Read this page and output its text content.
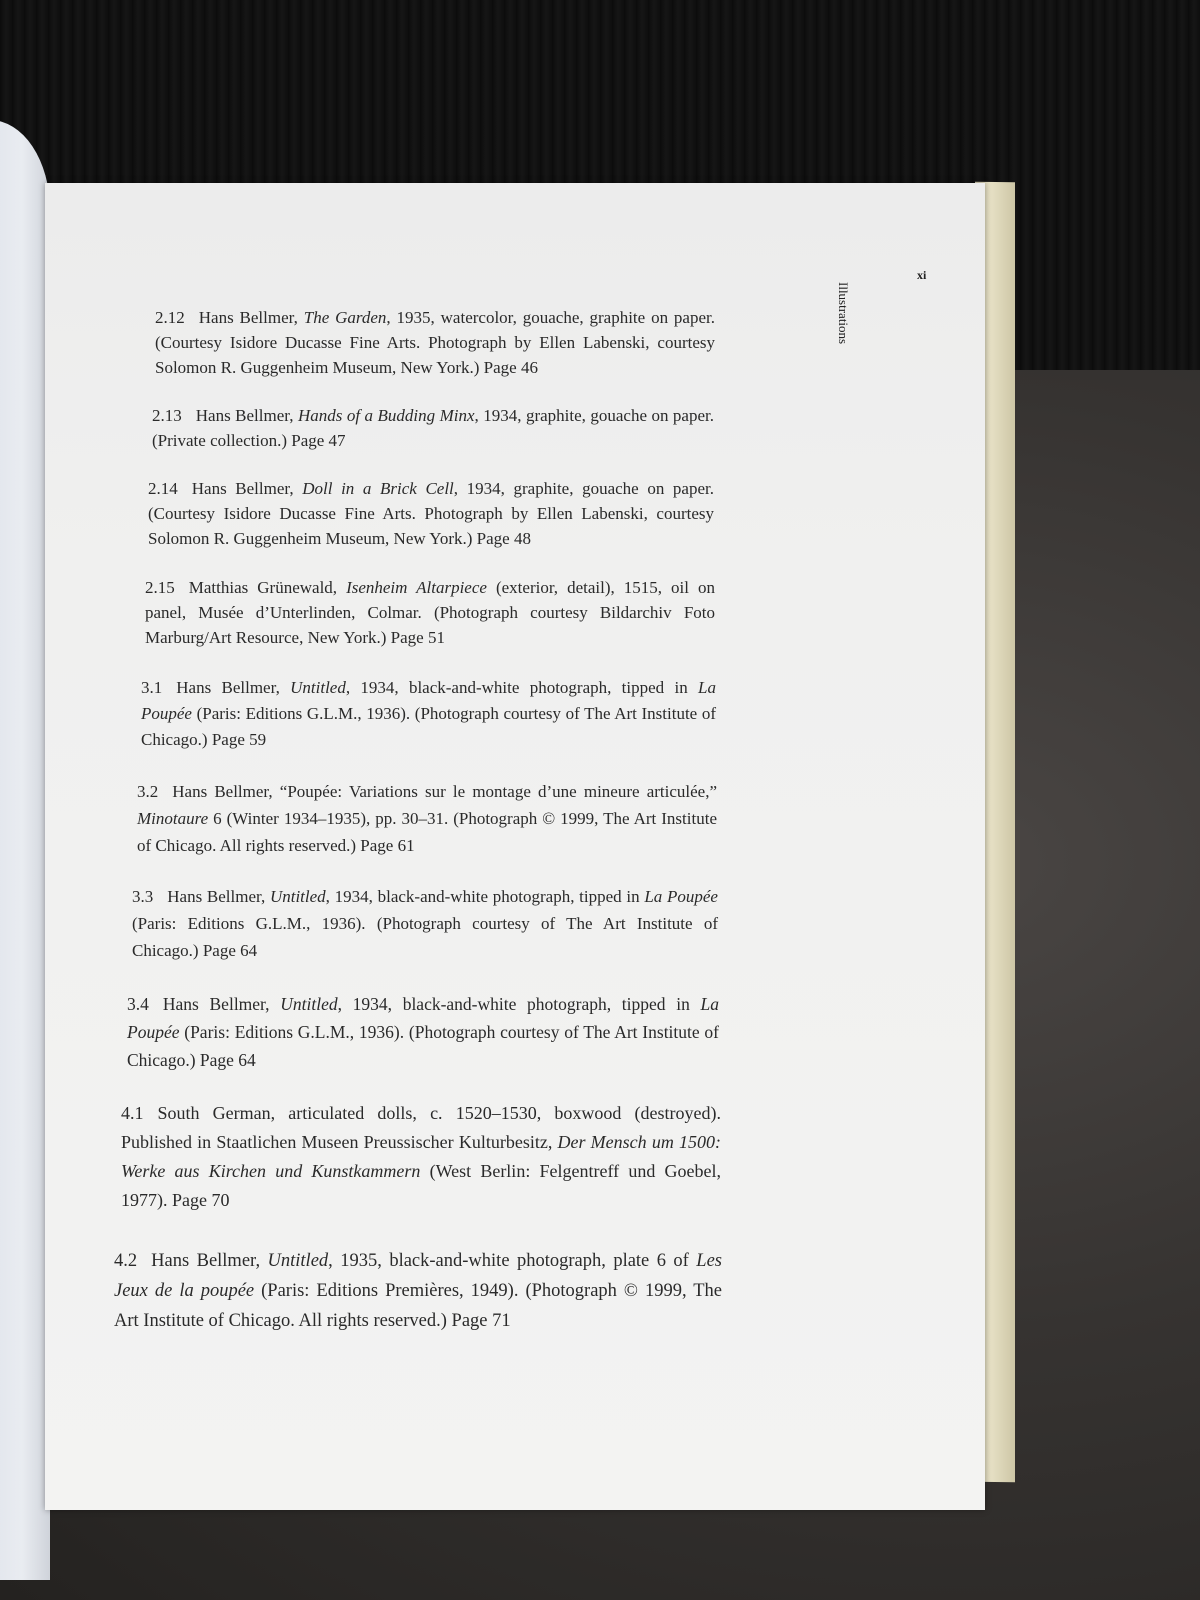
Illustrations
xi
2.12 Hans Bellmer, The Garden, 1935, watercolor, gouache, graphite on paper. (Courtesy Isidore Ducasse Fine Arts. Photograph by Ellen Labenski, courtesy Solomon R. Guggenheim Museum, New York.) Page 46
2.13 Hans Bellmer, Hands of a Budding Minx, 1934, graphite, gouache on paper. (Private collection.) Page 47
2.14 Hans Bellmer, Doll in a Brick Cell, 1934, graphite, gouache on paper. (Courtesy Isidore Ducasse Fine Arts. Photograph by Ellen Labenski, courtesy Solomon R. Guggenheim Museum, New York.) Page 48
2.15 Matthias Grünewald, Isenheim Altarpiece (exterior, detail), 1515, oil on panel, Musée d’Unterlinden, Colmar. (Photograph courtesy Bildarchiv Foto Marburg/Art Resource, New York.) Page 51
3.1 Hans Bellmer, Untitled, 1934, black-and-white photograph, tipped in La Poupée (Paris: Editions G.L.M., 1936). (Photograph courtesy of The Art Institute of Chicago.) Page 59
3.2 Hans Bellmer, “Poupée: Variations sur le montage d’une mineure articulée,” Minotaure 6 (Winter 1934–1935), pp. 30–31. (Photograph © 1999, The Art Institute of Chicago. All rights reserved.) Page 61
3.3 Hans Bellmer, Untitled, 1934, black-and-white photograph, tipped in La Poupée (Paris: Editions G.L.M., 1936). (Photograph courtesy of The Art Institute of Chicago.) Page 64
3.4 Hans Bellmer, Untitled, 1934, black-and-white photograph, tipped in La Poupée (Paris: Editions G.L.M., 1936). (Photograph courtesy of The Art Institute of Chicago.) Page 64
4.1 South German, articulated dolls, c. 1520–1530, boxwood (destroyed). Published in Staatlichen Museen Preussischer Kulturbesitz, Der Mensch um 1500: Werke aus Kirchen und Kunstkammern (West Berlin: Felgentreff und Goebel, 1977). Page 70
4.2 Hans Bellmer, Untitled, 1935, black-and-white photograph, plate 6 of Les Jeux de la poupée (Paris: Editions Premières, 1949). (Photograph © 1999, The Art Institute of Chicago. All rights reserved.) Page 71
